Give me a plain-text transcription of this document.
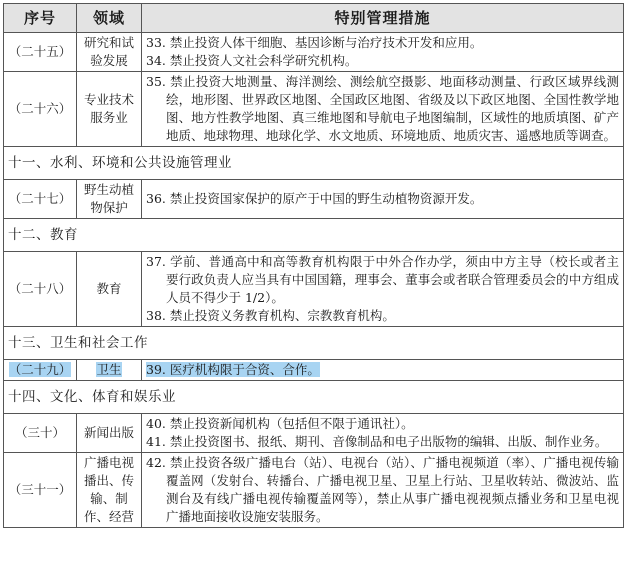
序号	领域	特别管理措施
（二十五）	研究和试验发展	33. 禁止投资人体干细胞、基因诊断与治疗技术开发和应用。

34. 禁止投资人文社会科学研究机构。

（二十六）	专业技术服务业	35. 禁止投资大地测量、海洋测绘、测绘航空摄影、地面移动测量、行政区域界线测绘，地形图、世界政区地图、全国政区地图、省级及以下政区地图、全国性教学地图、地方性教学地图、真三维地图和导航电子地图编制，区域性的地质填图、矿产地质、地球物理、地球化学、水文地质、环境地质、地质灾害、遥感地质等调查。

十一、水利、环境和公共设施管理业		
（二十七）	野生动植物保护	36. 禁止投资国家保护的原产于中国的野生动植物资源开发。

十二、教育		
（二十八）	教育	37. 学前、普通高中和高等教育机构限于中外合作办学，须由中方主导（校长或者主要行政负责人应当具有中国国籍，理事会、董事会或者联合管理委员会的中方组成人员不得少于 1/2）。

38. 禁止投资义务教育机构、宗教教育机构。

十三、卫生和社会工作		
（二十九）	卫生	39. 医疗机构限于合资、合作。

十四、文化、体育和娱乐业		
（三十）	新闻出版	40. 禁止投资新闻机构（包括但不限于通讯社）。

41. 禁止投资图书、报纸、期刊、音像制品和电子出版物的编辑、出版、制作业务。

（三十一）	广播电视播出、传输、制作、经营	42. 禁止投资各级广播电台（站）、电视台（站）、广播电视频道（率）、广播电视传输覆盖网（发射台、转播台、广播电视卫星、卫星上行站、卫星收转站、微波站、监测台及有线广播电视传输覆盖网等），禁止从事广播电视视频点播业务和卫星电视广播地面接收设施安装服务。
